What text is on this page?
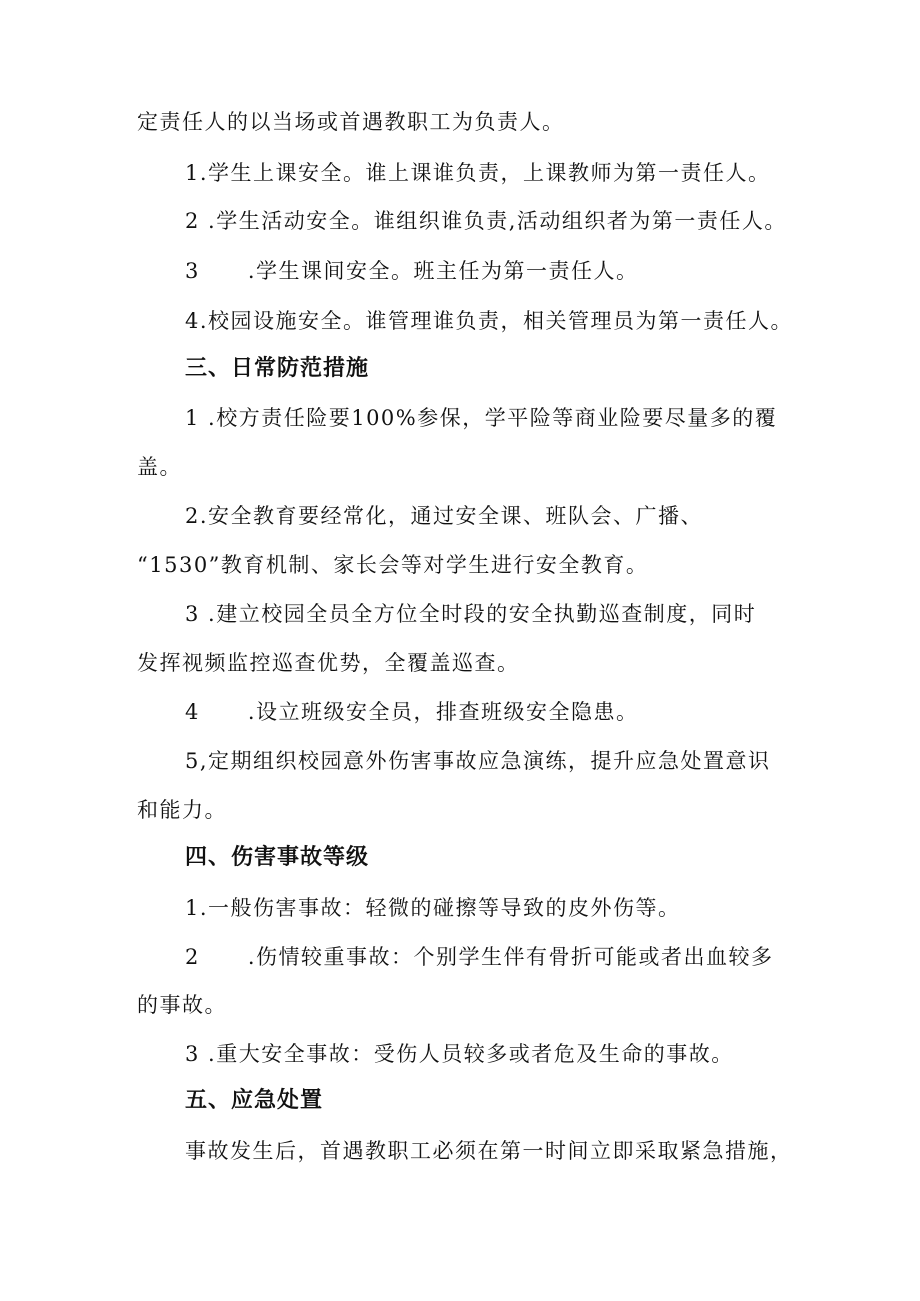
定责任人的以当场或首遇教职工为负责人。
1.学生上课安全。谁上课谁负责，上课教师为第一责任人。
2 .学生活动安全。谁组织谁负责,活动组织者为第一责任人。
3 .学生课间安全。班主任为第一责任人。
4.校园设施安全。谁管理谁负责，相关管理员为第一责任人。
三、日常防范措施
1 .校方责任险要100%参保，学平险等商业险要尽量多的覆
盖。
2.安全教育要经常化，通过安全课、班队会、广播、
“1530”教育机制、家长会等对学生进行安全教育。
3 .建立校园全员全方位全时段的安全执勤巡查制度，同时
发挥视频监控巡查优势，全覆盖巡查。
4 .设立班级安全员，排查班级安全隐患。
5,定期组织校园意外伤害事故应急演练，提升应急处置意识
和能力。
四、伤害事故等级
1.一般伤害事故：轻微的碰擦等导致的皮外伤等。
2 .伤情较重事故：个别学生伴有骨折可能或者出血较多
的事故。
3 .重大安全事故：受伤人员较多或者危及生命的事故。
五、应急处置
事故发生后，首遇教职工必须在第一时间立即采取紧急措施，
